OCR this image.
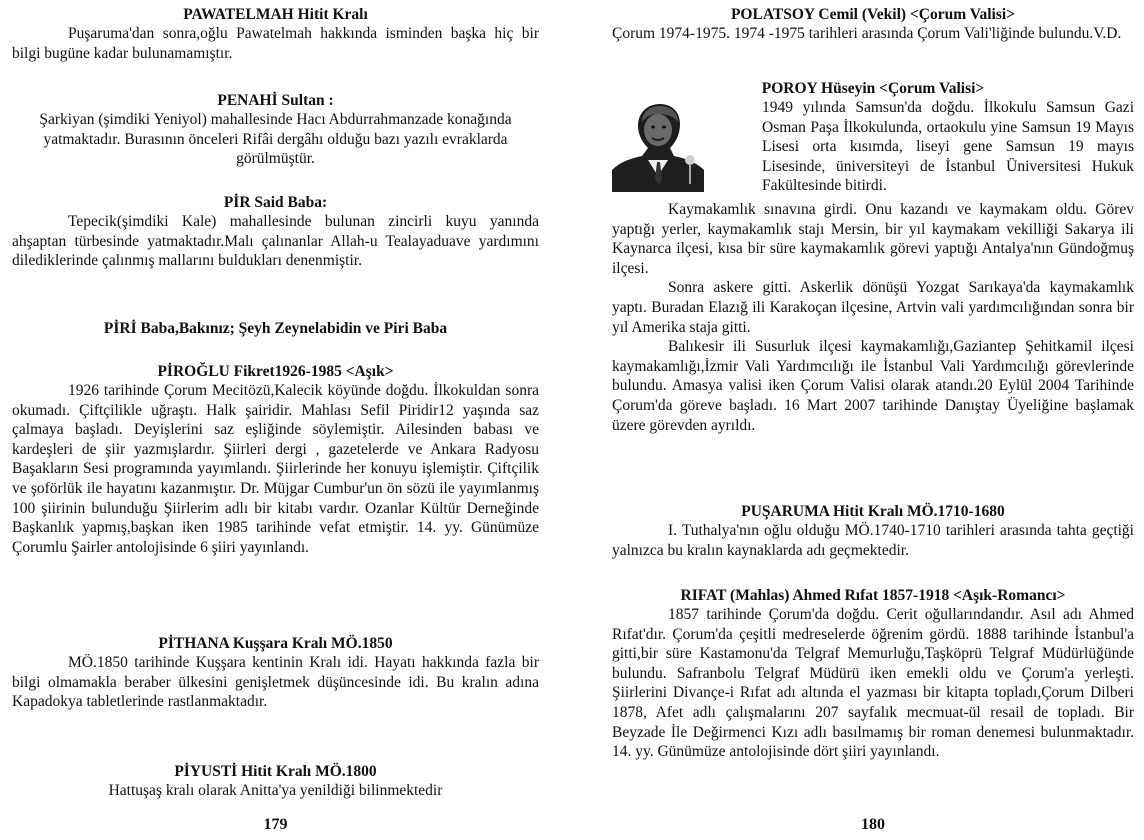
PAWATELMAH Hitit Kralı

Puşaruma'dan sonra,oğlu Pawatelmah hakkında isminden başka hiç bir bilgi bugüne kadar bulunamamıştır.

PENAHİ Sultan :

Şarkiyan (şimdiki Yeniyol) mahallesinde Hacı Abdurrahmanzade konağında yatmaktadır. Burasının önceleri Rifâi dergâhı olduğu bazı yazılı evraklarda görülmüştür.

PİR Said Baba:

Tepecik(şimdiki Kale) mahallesinde bulunan zincirli kuyu yanında ahşaptan türbesinde yatmaktadır.Malı çalınanlar Allah-u Tealayaduave yardımını dilediklerinde çalınmış mallarını buldukları denenmiştir.

PİRİ Baba,Bakınız; Şeyh Zeynelabidin ve Piri Baba

PİROĞLU Fikret1926-1985 <Aşık>

1926 tarihinde Çorum Mecitözü,Kalecik köyünde doğdu. İlkokuldan sonra okumadı. Çiftçilikle uğraştı. Halk şairidir. Mahlası Sefil Piridir12 yaşında saz çalmaya başladı. Deyişlerini saz eşliğinde söylemiştir. Ailesinden babası ve kardeşleri de şiir yazmışlardır. Şiirleri dergi , gazetelerde ve Ankara Radyosu Başakların Sesi programında yayımlandı. Şiirlerinde her konuyu işlemiştir. Çiftçilik ve şoförlük ile hayatını kazanmıştır. Dr. Müjgar Cumbur'un ön sözü ile yayımlanmış 100 şiirinin bulunduğu Şiirlerim adlı bir kitabı vardır. Ozanlar Kültür Derneğinde Başkanlık yapmış,başkan iken 1985 tarihinde vefat etmiştir. 14. yy. Günümüze Çorumlu Şairler antolojisinde 6 şiiri yayınlandı.

PİTHANA Kuşşara Kralı MÖ.1850

MÖ.1850 tarihinde Kuşşara kentinin Kralı idi. Hayatı hakkında fazla bir bilgi olmamakla beraber ülkesini genişletmek düşüncesinde idi. Bu kralın adına Kapadokya tabletlerinde rastlanmaktadır.

PİYUSTİ Hitit Kralı MÖ.1800

Hattuşaş kralı olarak Anitta'ya yenildiği bilinmektedir

179

POLATSOY Cemil (Vekil) <Çorum Valisi>

Çorum 1974-1975. 1974 -1975 tarihleri arasında Çorum Vali'liğinde bulundu.V.D.

POROY Hüseyin <Çorum Valisi>

1949 yılında Samsun'da doğdu. İlkokulu Samsun Gazi Osman Paşa İlkokulunda, ortaokulu yine Samsun 19 Mayıs Lisesi orta kısımda, liseyi gene Samsun 19 mayıs Lisesinde, üniversiteyi de İstanbul Üniversitesi Hukuk Fakültesinde bitirdi.

Kaymakamlık sınavına girdi. Onu kazandı ve kaymakam oldu. Görev yaptığı yerler, kaymakamlık stajı Mersin, bir yıl kaymakam vekilliği Sakarya ili Kaynarca ilçesi, kısa bir süre kaymakamlık görevi yaptığı Antalya'nın Gündoğmuş ilçesi.

Sonra askere gitti. Askerlik dönüşü Yozgat Sarıkaya'da kaymakamlık yaptı. Buradan Elazığ ili Karakoçan ilçesine, Artvin vali yardımcılığından sonra bir yıl Amerika staja gitti.

Balıkesir ili Susurluk ilçesi kaymakamlığı,Gaziantep Şehitkamil ilçesi kaymakamlığı,İzmir Vali Yardımcılığı ile İstanbul Vali Yardımcılığı görevlerinde bulundu. Amasya valisi iken Çorum Valisi olarak atandı.20 Eylül 2004 Tarihinde Çorum'da göreve başladı. 16 Mart 2007 tarihinde Danıştay Üyeliğine başlamak üzere görevden ayrıldı.

PUŞARUMA Hitit Kralı MÖ.1710-1680

I. Tuthalya'nın oğlu olduğu MÖ.1740-1710 tarihleri arasında tahta geçtiği yalnızca bu kralın kaynaklarda adı geçmektedir.

RIFAT (Mahlas) Ahmed Rıfat 1857-1918 <Aşık-Romancı>

1857 tarihinde Çorum'da doğdu. Cerit oğullarındandır. Asıl adı Ahmed Rıfat'dır. Çorum'da çeşitli medreselerde öğrenim gördü. 1888 tarihinde İstanbul'a gitti,bir süre Kastamonu'da Telgraf Memurluğu,Taşköprü Telgraf Müdürlüğünde bulundu. Safranbolu Telgraf Müdürü iken emekli oldu ve Çorum'a yerleşti. Şiirlerini Divançe-i Rıfat adı altında el yazması bir kitapta topladı,Çorum Dilberi 1878, Afet adlı çalışmalarını 207 sayfalık mecmuat-ül resail de topladı. Bir Beyzade İle Değirmenci Kızı adlı basılmamış bir roman denemesi bulunmaktadır. 14. yy. Günümüze antolojisinde dört şiiri yayınlandı.

180
